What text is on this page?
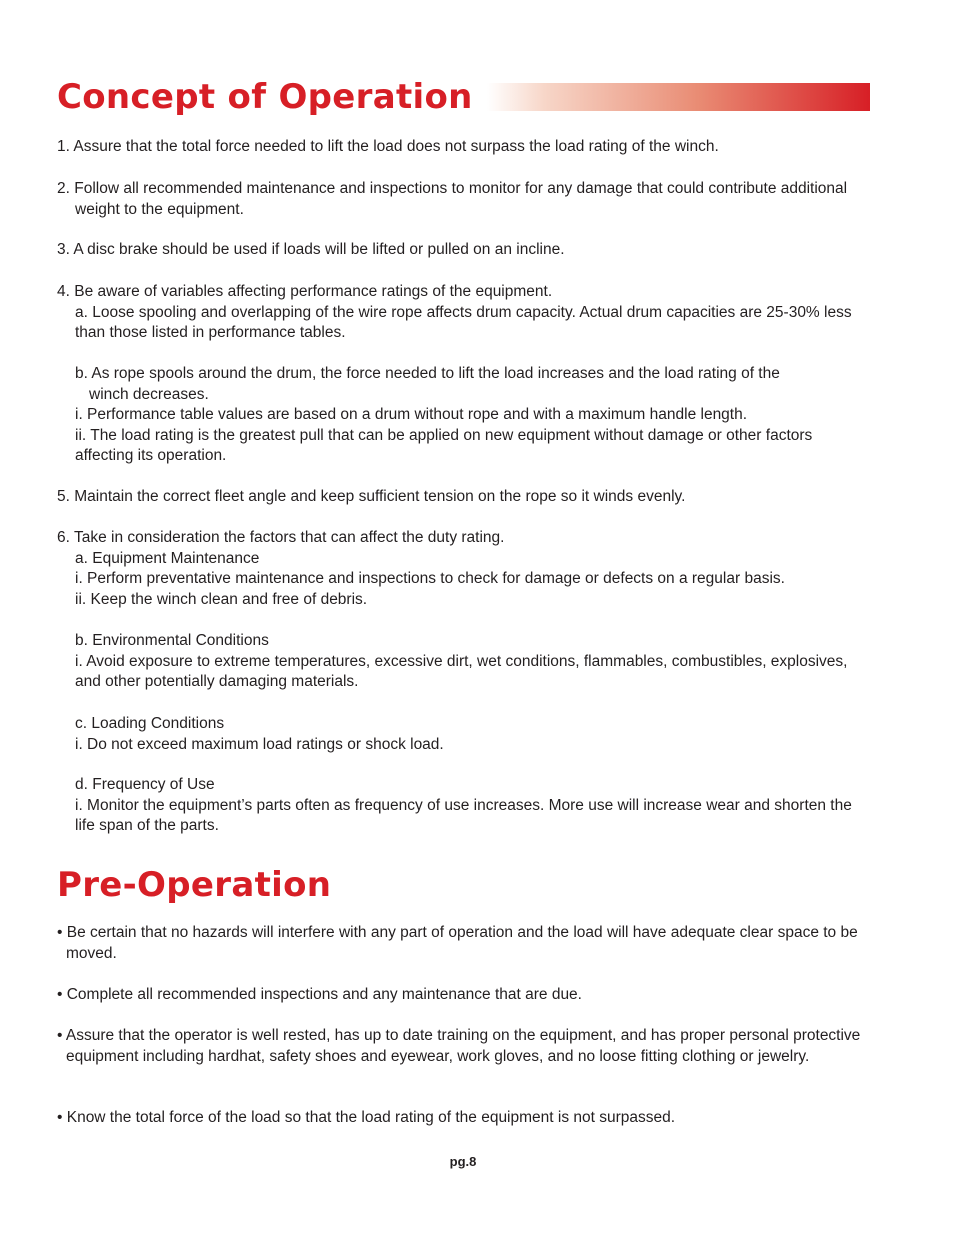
Concept of Operation

1. Assure that the total force needed to lift the load does not surpass the load rating of the winch.

2. Follow all recommended maintenance and inspections to monitor for any damage that could contribute additional weight to the equipment.

3. A disc brake should be used if loads will be lifted or pulled on an incline.

4. Be aware of variables affecting performance ratings of the equipment.

a. Loose spooling and overlapping of the wire rope affects drum capacity. Actual drum capacities are 25-30% less than those listed in performance tables.

b. As rope spools around the drum, the force needed to lift the load increases and the load rating of the

winch decreases.

i. Performance table values are based on a drum without rope and with a maximum handle length.

ii. The load rating is the greatest pull that can be applied on new equipment without damage or other factors affecting its operation.

5. Maintain the correct fleet angle and keep sufficient tension on the rope so it winds evenly.

6. Take in consideration the factors that can affect the duty rating.

a. Equipment Maintenance

i. Perform preventative maintenance and inspections to check for damage or defects on a regular basis.

ii. Keep the winch clean and free of debris.

b. Environmental Conditions

i. Avoid exposure to extreme temperatures, excessive dirt, wet conditions, flammables, combustibles, explosives, and other potentially damaging materials.

c. Loading Conditions

i. Do not exceed maximum load ratings or shock load.

d. Frequency of Use

i. Monitor the equipment’s parts often as frequency of use increases. More use will increase wear and shorten the life span of the parts.

Pre-Operation

• Be certain that no hazards will interfere with any part of operation and the load will have adequate clear space to be moved.

• Complete all recommended inspections and any maintenance that are due.

• Assure that the operator is well rested, has up to date training on the equipment, and has proper personal protective equipment including hardhat, safety shoes and eyewear, work gloves, and no loose fitting clothing or jewelry.

• Know the total force of the load so that the load rating of the equipment is not surpassed.

pg.8
